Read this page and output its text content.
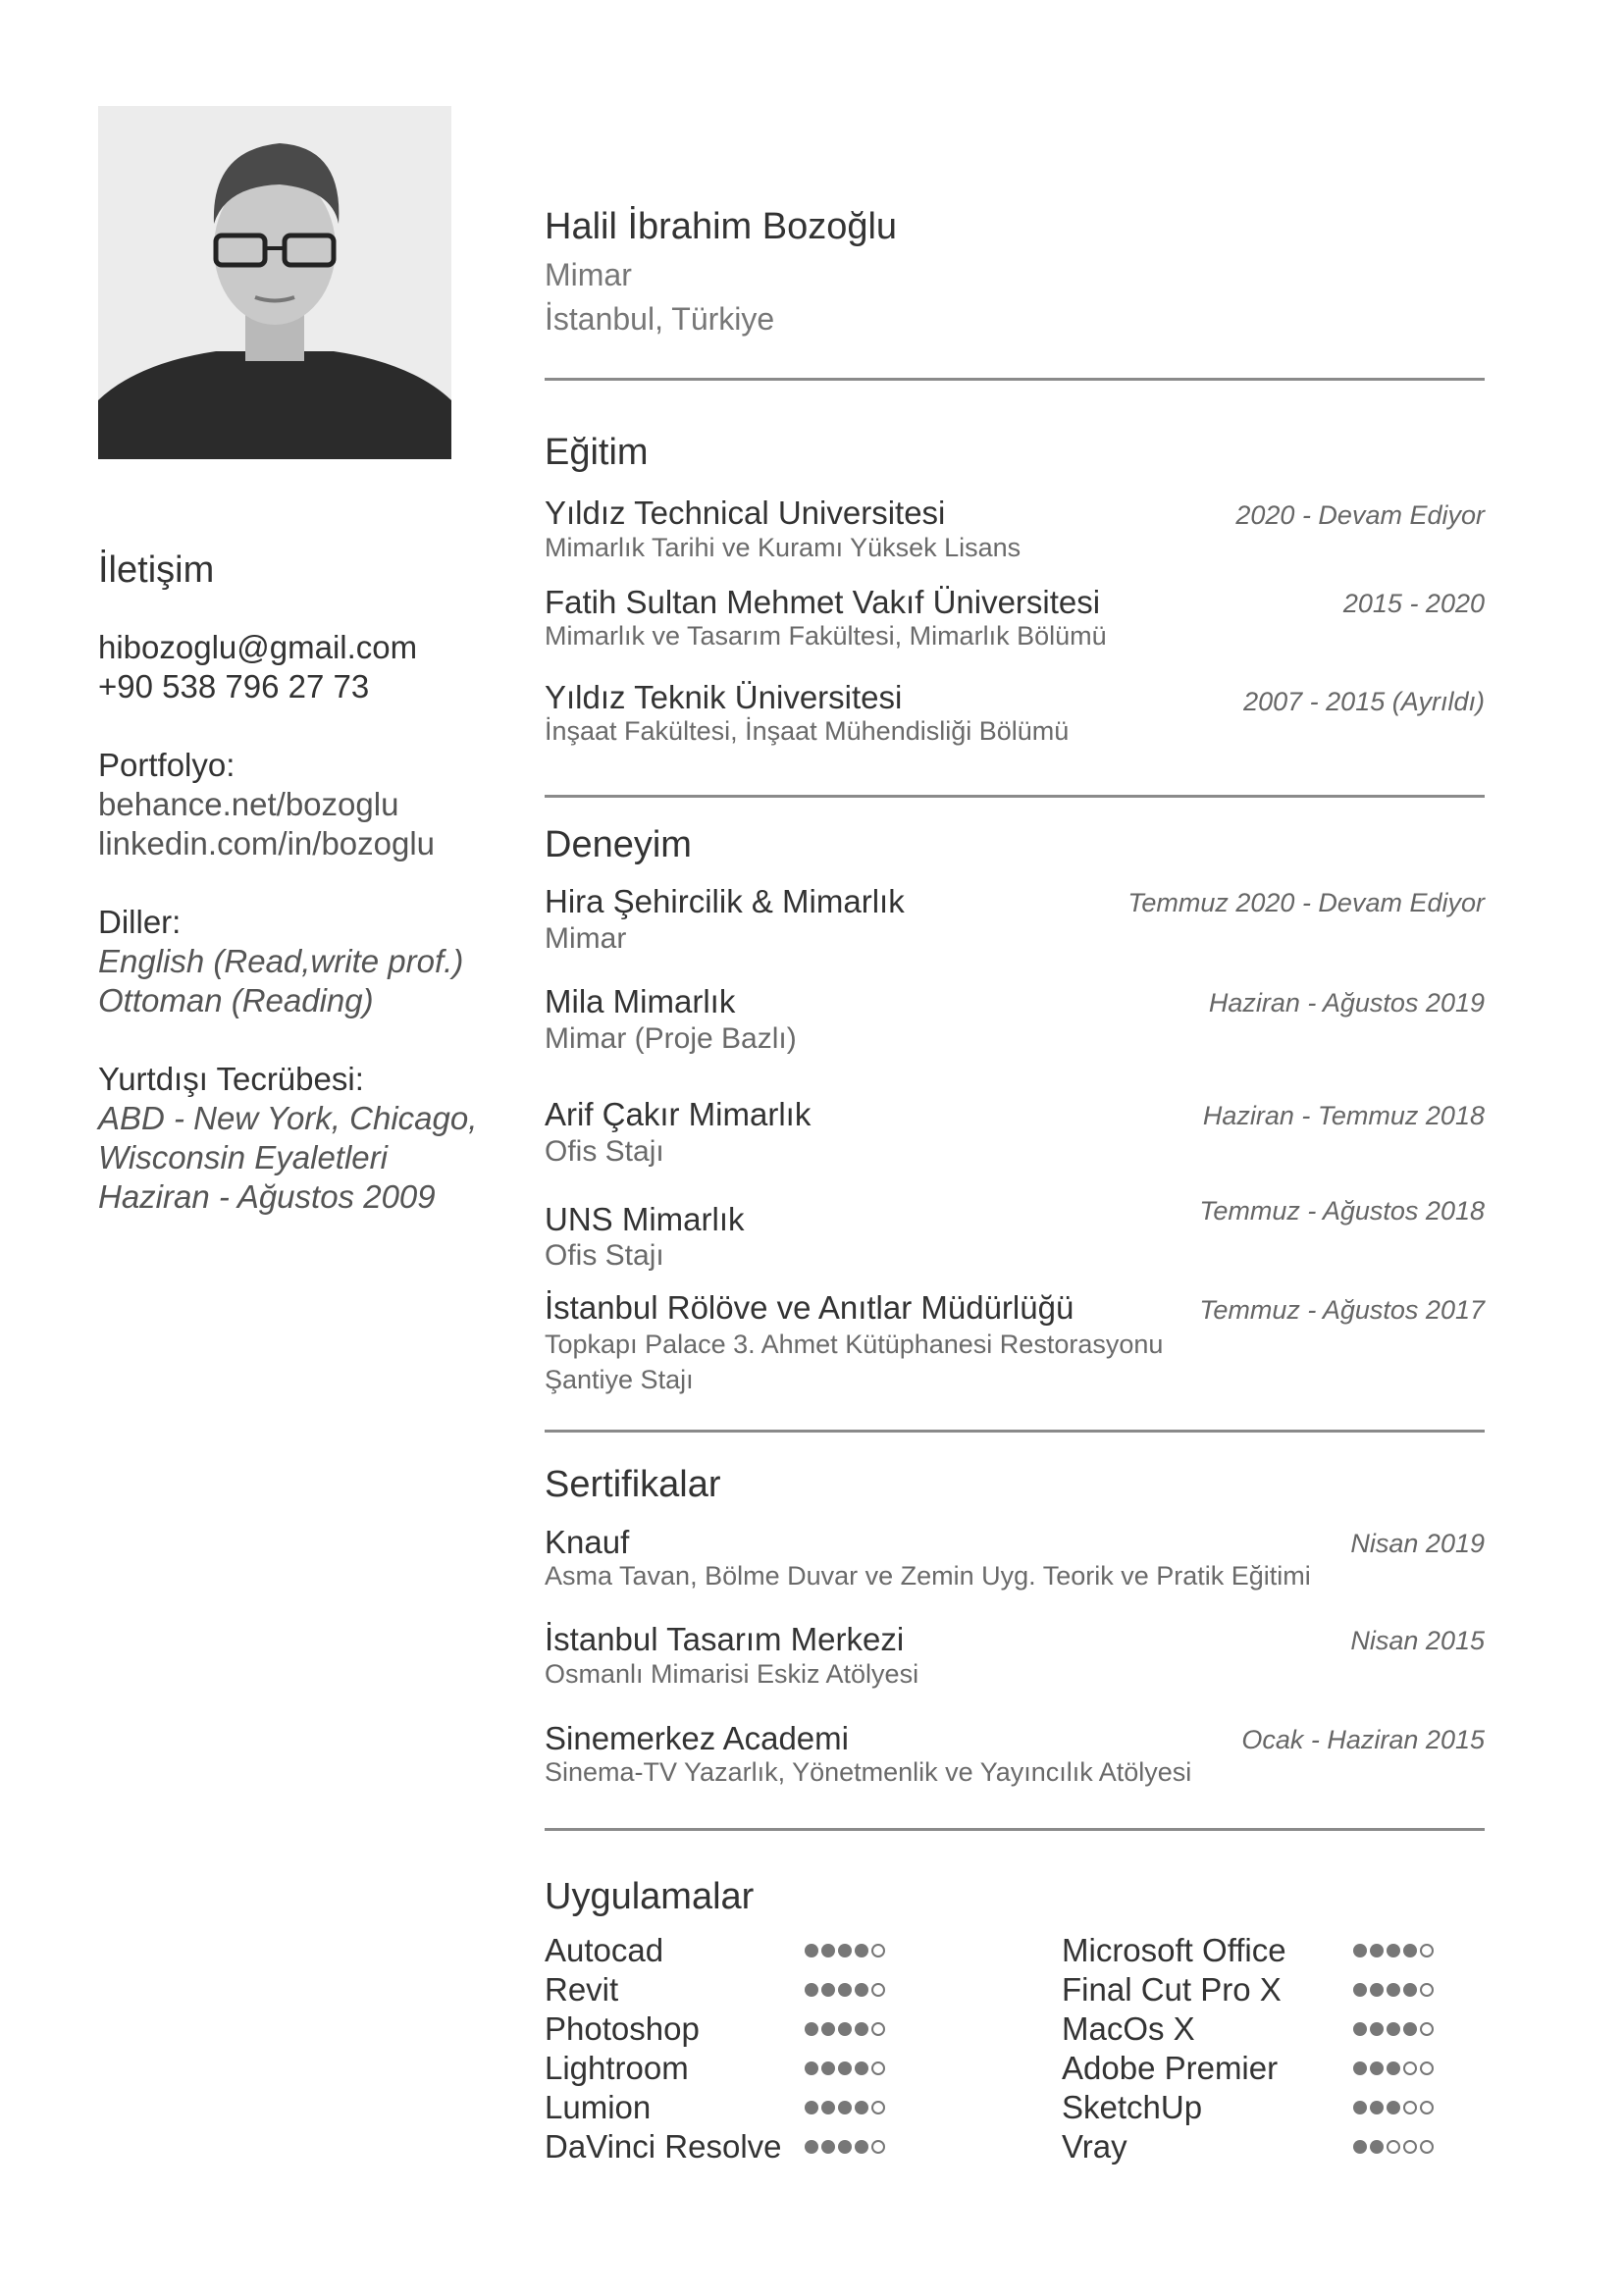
İletişim
hibozoglu@gmail.com
+90 538 796 27 73
Portfolyo:
behance.net/bozoglu
linkedin.com/in/bozoglu
Diller:
English (Read,write prof.)
Ottoman (Reading)
Yurtdışı Tecrübesi:
ABD - New York, Chicago,
Wisconsin Eyaletleri
Haziran - Ağustos 2009
Halil İbrahim Bozoğlu
Mimar
İstanbul, Türkiye
Eğitim
Yıldız Technical Universitesi
Mimarlık Tarihi ve Kuramı Yüksek Lisans
2020 - Devam Ediyor
Fatih Sultan Mehmet Vakıf Üniversitesi
Mimarlık ve Tasarım Fakültesi, Mimarlık Bölümü
2015 - 2020
Yıldız Teknik Üniversitesi
İnşaat Fakültesi, İnşaat Mühendisliği Bölümü
2007 - 2015 (Ayrıldı)
Deneyim
Hira Şehircilik & Mimarlık
Mimar
Temmuz 2020 - Devam Ediyor
Mila Mimarlık
Mimar (Proje Bazlı)
Haziran - Ağustos 2019
Arif Çakır Mimarlık
Ofis Stajı
Haziran - Temmuz 2018
UNS Mimarlık
Ofis Stajı
Temmuz - Ağustos 2018
İstanbul Rölöve ve Anıtlar Müdürlüğü
Topkapı Palace 3. Ahmet Kütüphanesi Restorasyonu
Şantiye Stajı
Temmuz - Ağustos 2017
Sertifikalar
Knauf
Asma Tavan, Bölme Duvar ve Zemin Uyg. Teorik ve Pratik Eğitimi
Nisan 2019
İstanbul Tasarım Merkezi
Osmanlı Mimarisi Eskiz Atölyesi
Nisan 2015
Sinemerkez Academi
Sinema-TV Yazarlık, Yönetmenlik ve Yayıncılık Atölyesi
Ocak - Haziran 2015
Uygulamalar
Autocad
Revit
Photoshop
Lightroom
Lumion
DaVinci Resolve
Microsoft Office
Final Cut Pro X
MacOs X
Adobe Premier
SketchUp
Vray
